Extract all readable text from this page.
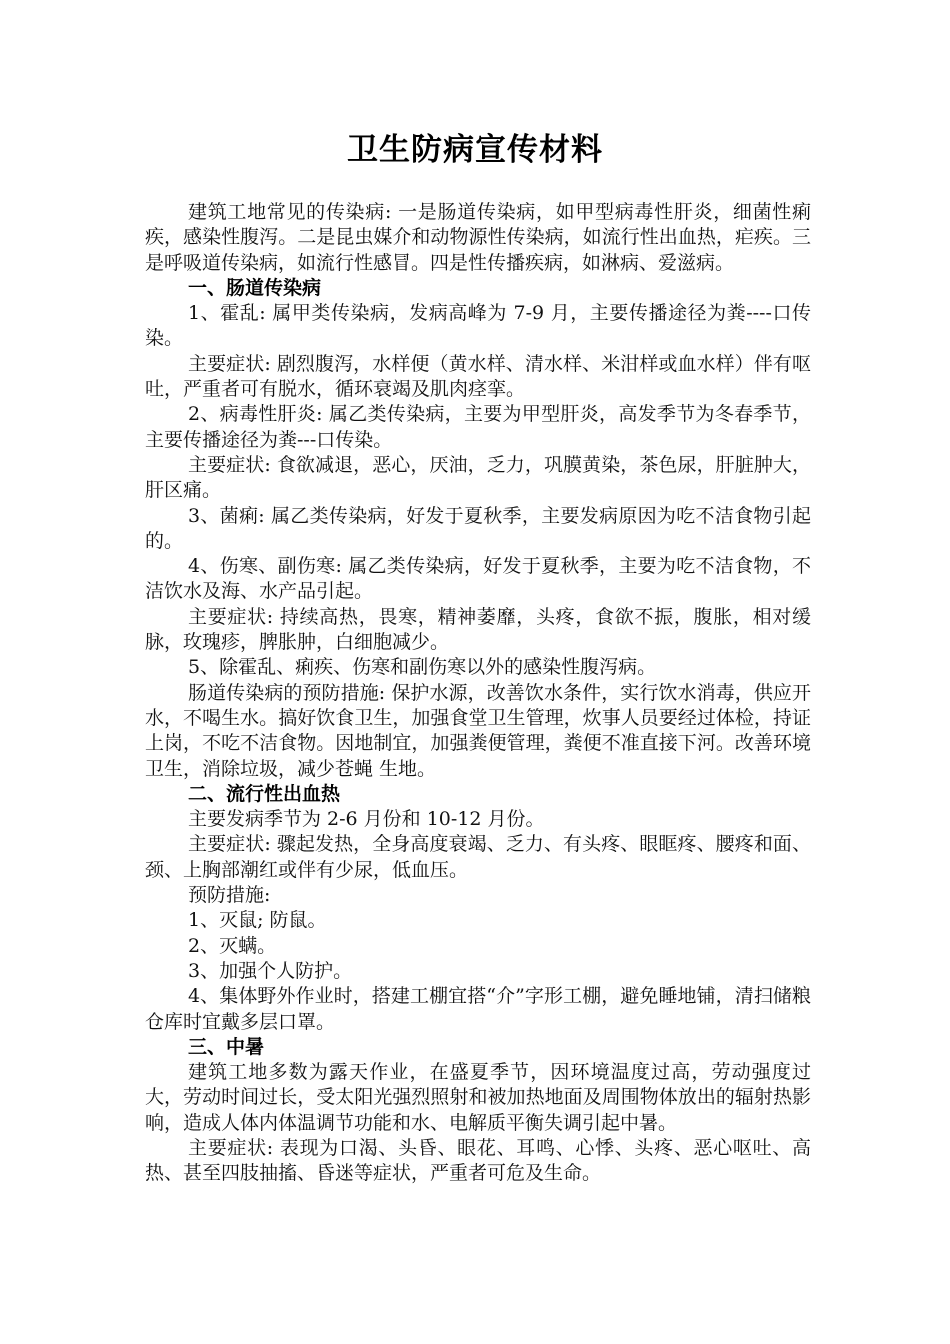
卫生防病宣传材料

建筑工地常见的传染病: 一是肠道传染病，如甲型病毒性肝炎，细菌性痢疾，感染性腹泻。二是昆虫媒介和动物源性传染病，如流行性出血热，疟疾。三是呼吸道传染病，如流行性感冒。四是性传播疾病，如淋病、爱滋病。

一、肠道传染病

1、霍乱: 属甲类传染病，发病高峰为 7-9 月，主要传播途径为粪----口传染。

主要症状: 剧烈腹泻，水样便（黄水样、清水样、米泔样或血水样）伴有呕吐，严重者可有脱水，循环衰竭及肌肉痉挛。

2、病毒性肝炎: 属乙类传染病，主要为甲型肝炎，高发季节为冬春季节，主要传播途径为粪---口传染。

主要症状: 食欲减退，恶心，厌油，乏力，巩膜黄染，茶色尿，肝脏肿大，肝区痛。

3、菌痢: 属乙类传染病，好发于夏秋季，主要发病原因为吃不洁食物引起的。

4、伤寒、副伤寒: 属乙类传染病，好发于夏秋季，主要为吃不洁食物，不洁饮水及海、水产品引起。

主要症状: 持续高热，畏寒，精神萎靡，头疼，食欲不振，腹胀，相对缓脉，玫瑰疹，脾胀肿，白细胞减少。

5、除霍乱、痢疾、伤寒和副伤寒以外的感染性腹泻病。

肠道传染病的预防措施: 保护水源，改善饮水条件，实行饮水消毒，供应开水，不喝生水。搞好饮食卫生，加强食堂卫生管理，炊事人员要经过体检，持证上岗，不吃不洁食物。因地制宜，加强粪便管理，粪便不准直接下河。改善环境卫生，消除垃圾，减少苍蝇 生地。

二、流行性出血热

主要发病季节为 2-6 月份和 10-12 月份。

主要症状: 骤起发热，全身高度衰竭、乏力、有头疼、眼眶疼、腰疼和面、颈、上胸部潮红或伴有少尿，低血压。

预防措施:

1、灭鼠; 防鼠。

2、灭螨。

3、加强个人防护。

4、集体野外作业时，搭建工棚宜搭“介”字形工棚，避免睡地铺，清扫储粮仓库时宜戴多层口罩。

三、中暑

建筑工地多数为露天作业，在盛夏季节，因环境温度过高，劳动强度过大，劳动时间过长，受太阳光强烈照射和被加热地面及周围物体放出的辐射热影响，造成人体内体温调节功能和水、电解质平衡失调引起中暑。

主要症状: 表现为口渴、头昏、眼花、耳鸣、心悸、头疼、恶心呕吐、高热、甚至四肢抽搐、昏迷等症状，严重者可危及生命。
